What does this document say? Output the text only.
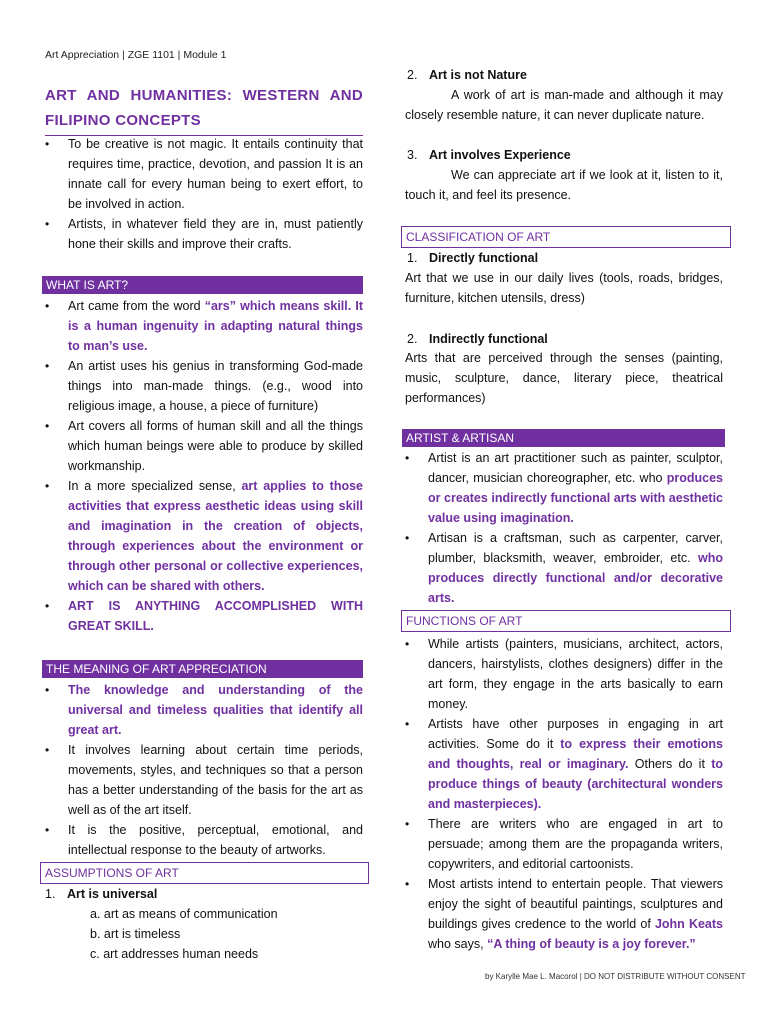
Art Appreciation | ZGE 1101 | Module 1
ART AND HUMANITIES: WESTERN AND FILIPINO CONCEPTS
• To be creative is not magic. It entails continuity that requires time, practice, devotion, and passion It is an innate call for every human being to exert effort, to be involved in action.
• Artists, in whatever field they are in, must patiently hone their skills and improve their crafts.
WHAT IS ART?
• Art came from the word “ars” which means skill. It is a human ingenuity in adapting natural things to man’s use.
• An artist uses his genius in transforming God-made things into man-made things. (e.g., wood into religious image, a house, a piece of furniture)
• Art covers all forms of human skill and all the things which human beings were able to produce by skilled workmanship.
• In a more specialized sense, art applies to those activities that express aesthetic ideas using skill and imagination in the creation of objects, through experiences about the environment or through other personal or collective experiences, which can be shared with others.
• ART IS ANYTHING ACCOMPLISHED WITH GREAT SKILL.
THE MEANING OF ART APPRECIATION
• The knowledge and understanding of the universal and timeless qualities that identify all great art.
• It involves learning about certain time periods, movements, styles, and techniques so that a person has a better understanding of the basis for the art as well as of the art itself.
• It is the positive, perceptual, emotional, and intellectual response to the beauty of artworks.
ASSUMPTIONS OF ART
1. Art is universal
a. art as means of communication
b. art is timeless
c. art addresses human needs
2. Art is not Nature
A work of art is man-made and although it may closely resemble nature, it can never duplicate nature.
3. Art involves Experience
We can appreciate art if we look at it, listen to it, touch it, and feel its presence.
CLASSIFICATION OF ART
1. Directly functional
Art that we use in our daily lives (tools, roads, bridges, furniture, kitchen utensils, dress)
2. Indirectly functional
Arts that are perceived through the senses (painting, music, sculpture, dance, literary piece, theatrical performances)
ARTIST & ARTISAN
• Artist is an art practitioner such as painter, sculptor, dancer, musician choreographer, etc. who produces or creates indirectly functional arts with aesthetic value using imagination.
• Artisan is a craftsman, such as carpenter, carver, plumber, blacksmith, weaver, embroider, etc. who produces directly functional and/or decorative arts.
FUNCTIONS OF ART
• While artists (painters, musicians, architect, actors, dancers, hairstylists, clothes designers) differ in the art form, they engage in the arts basically to earn money.
• Artists have other purposes in engaging in art activities. Some do it to express their emotions and thoughts, real or imaginary. Others do it to produce things of beauty (architectural wonders and masterpieces).
• There are writers who are engaged in art to persuade; among them are the propaganda writers, copywriters, and editorial cartoonists.
• Most artists intend to entertain people. That viewers enjoy the sight of beautiful paintings, sculptures and buildings gives credence to the world of John Keats who says, “A thing of beauty is a joy forever.”
by Karylle Mae L. Macorol | DO NOT DISTRIBUTE WITHOUT CONSENT
